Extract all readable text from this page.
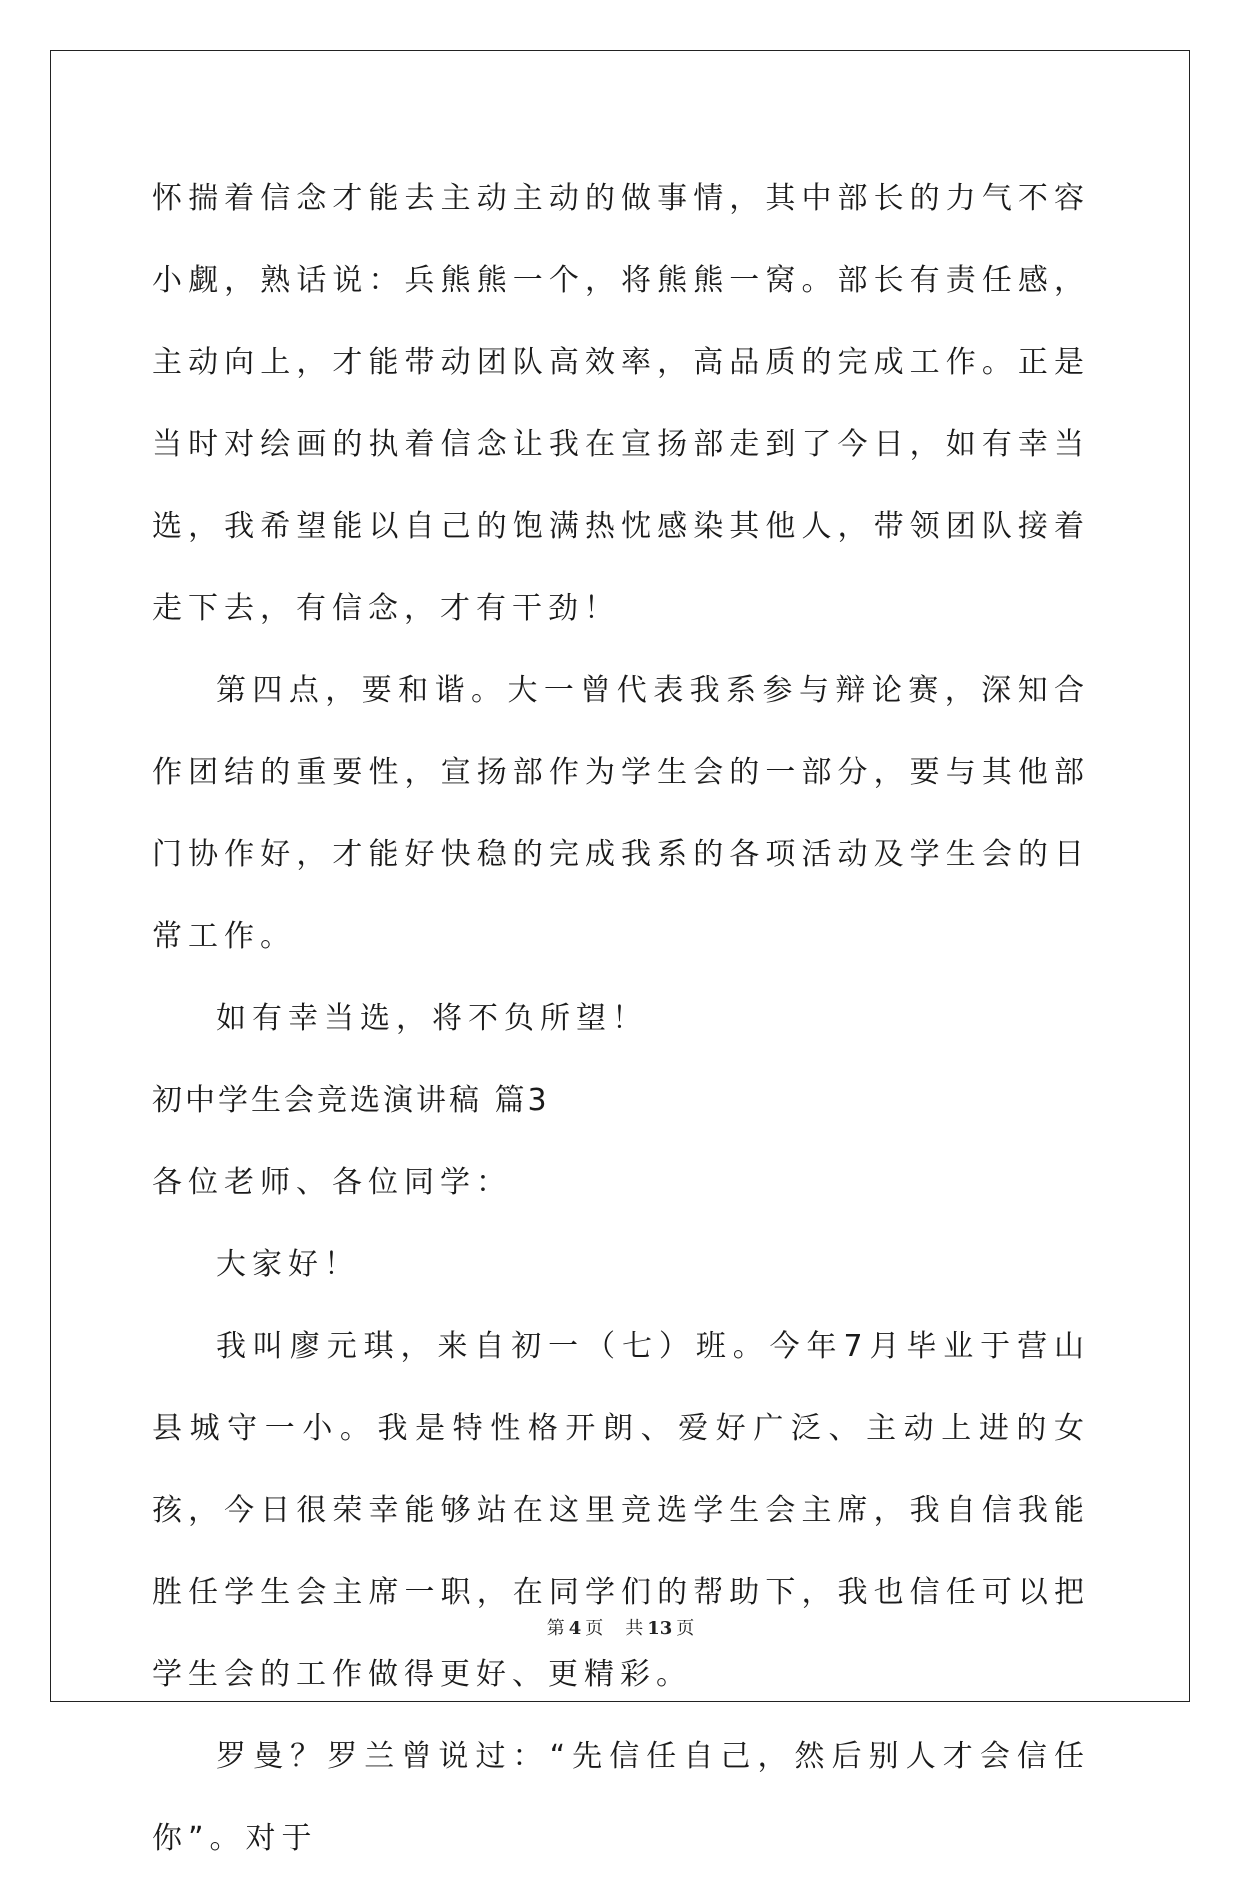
怀揣着信念才能去主动主动的做事情，其中部长的力气不容小觑，熟话说：兵熊熊一个，将熊熊一窝。部长有责任感，主动向上，才能带动团队高效率，高品质的完成工作。正是当时对绘画的执着信念让我在宣扬部走到了今日，如有幸当选，我希望能以自己的饱满热忱感染其他人，带领团队接着走下去，有信念，才有干劲！

第四点，要和谐。大一曾代表我系参与辩论赛，深知合作团结的重要性，宣扬部作为学生会的一部分，要与其他部门协作好，才能好快稳的完成我系的各项活动及学生会的日常工作。

如有幸当选，将不负所望！

初中学生会竞选演讲稿 篇3

各位老师、各位同学：

大家好！

我叫廖元琪，来自初一（七）班。今年7月毕业于营山县城守一小。我是特性格开朗、爱好广泛、主动上进的女孩，今日很荣幸能够站在这里竞选学生会主席，我自信我能胜任学生会主席一职，在同学们的帮助下，我也信任可以把学生会的工作做得更好、更精彩。

罗曼？罗兰曾说过：“先信任自己，然后别人才会信任你”。对于

第 4 页 共 13 页
